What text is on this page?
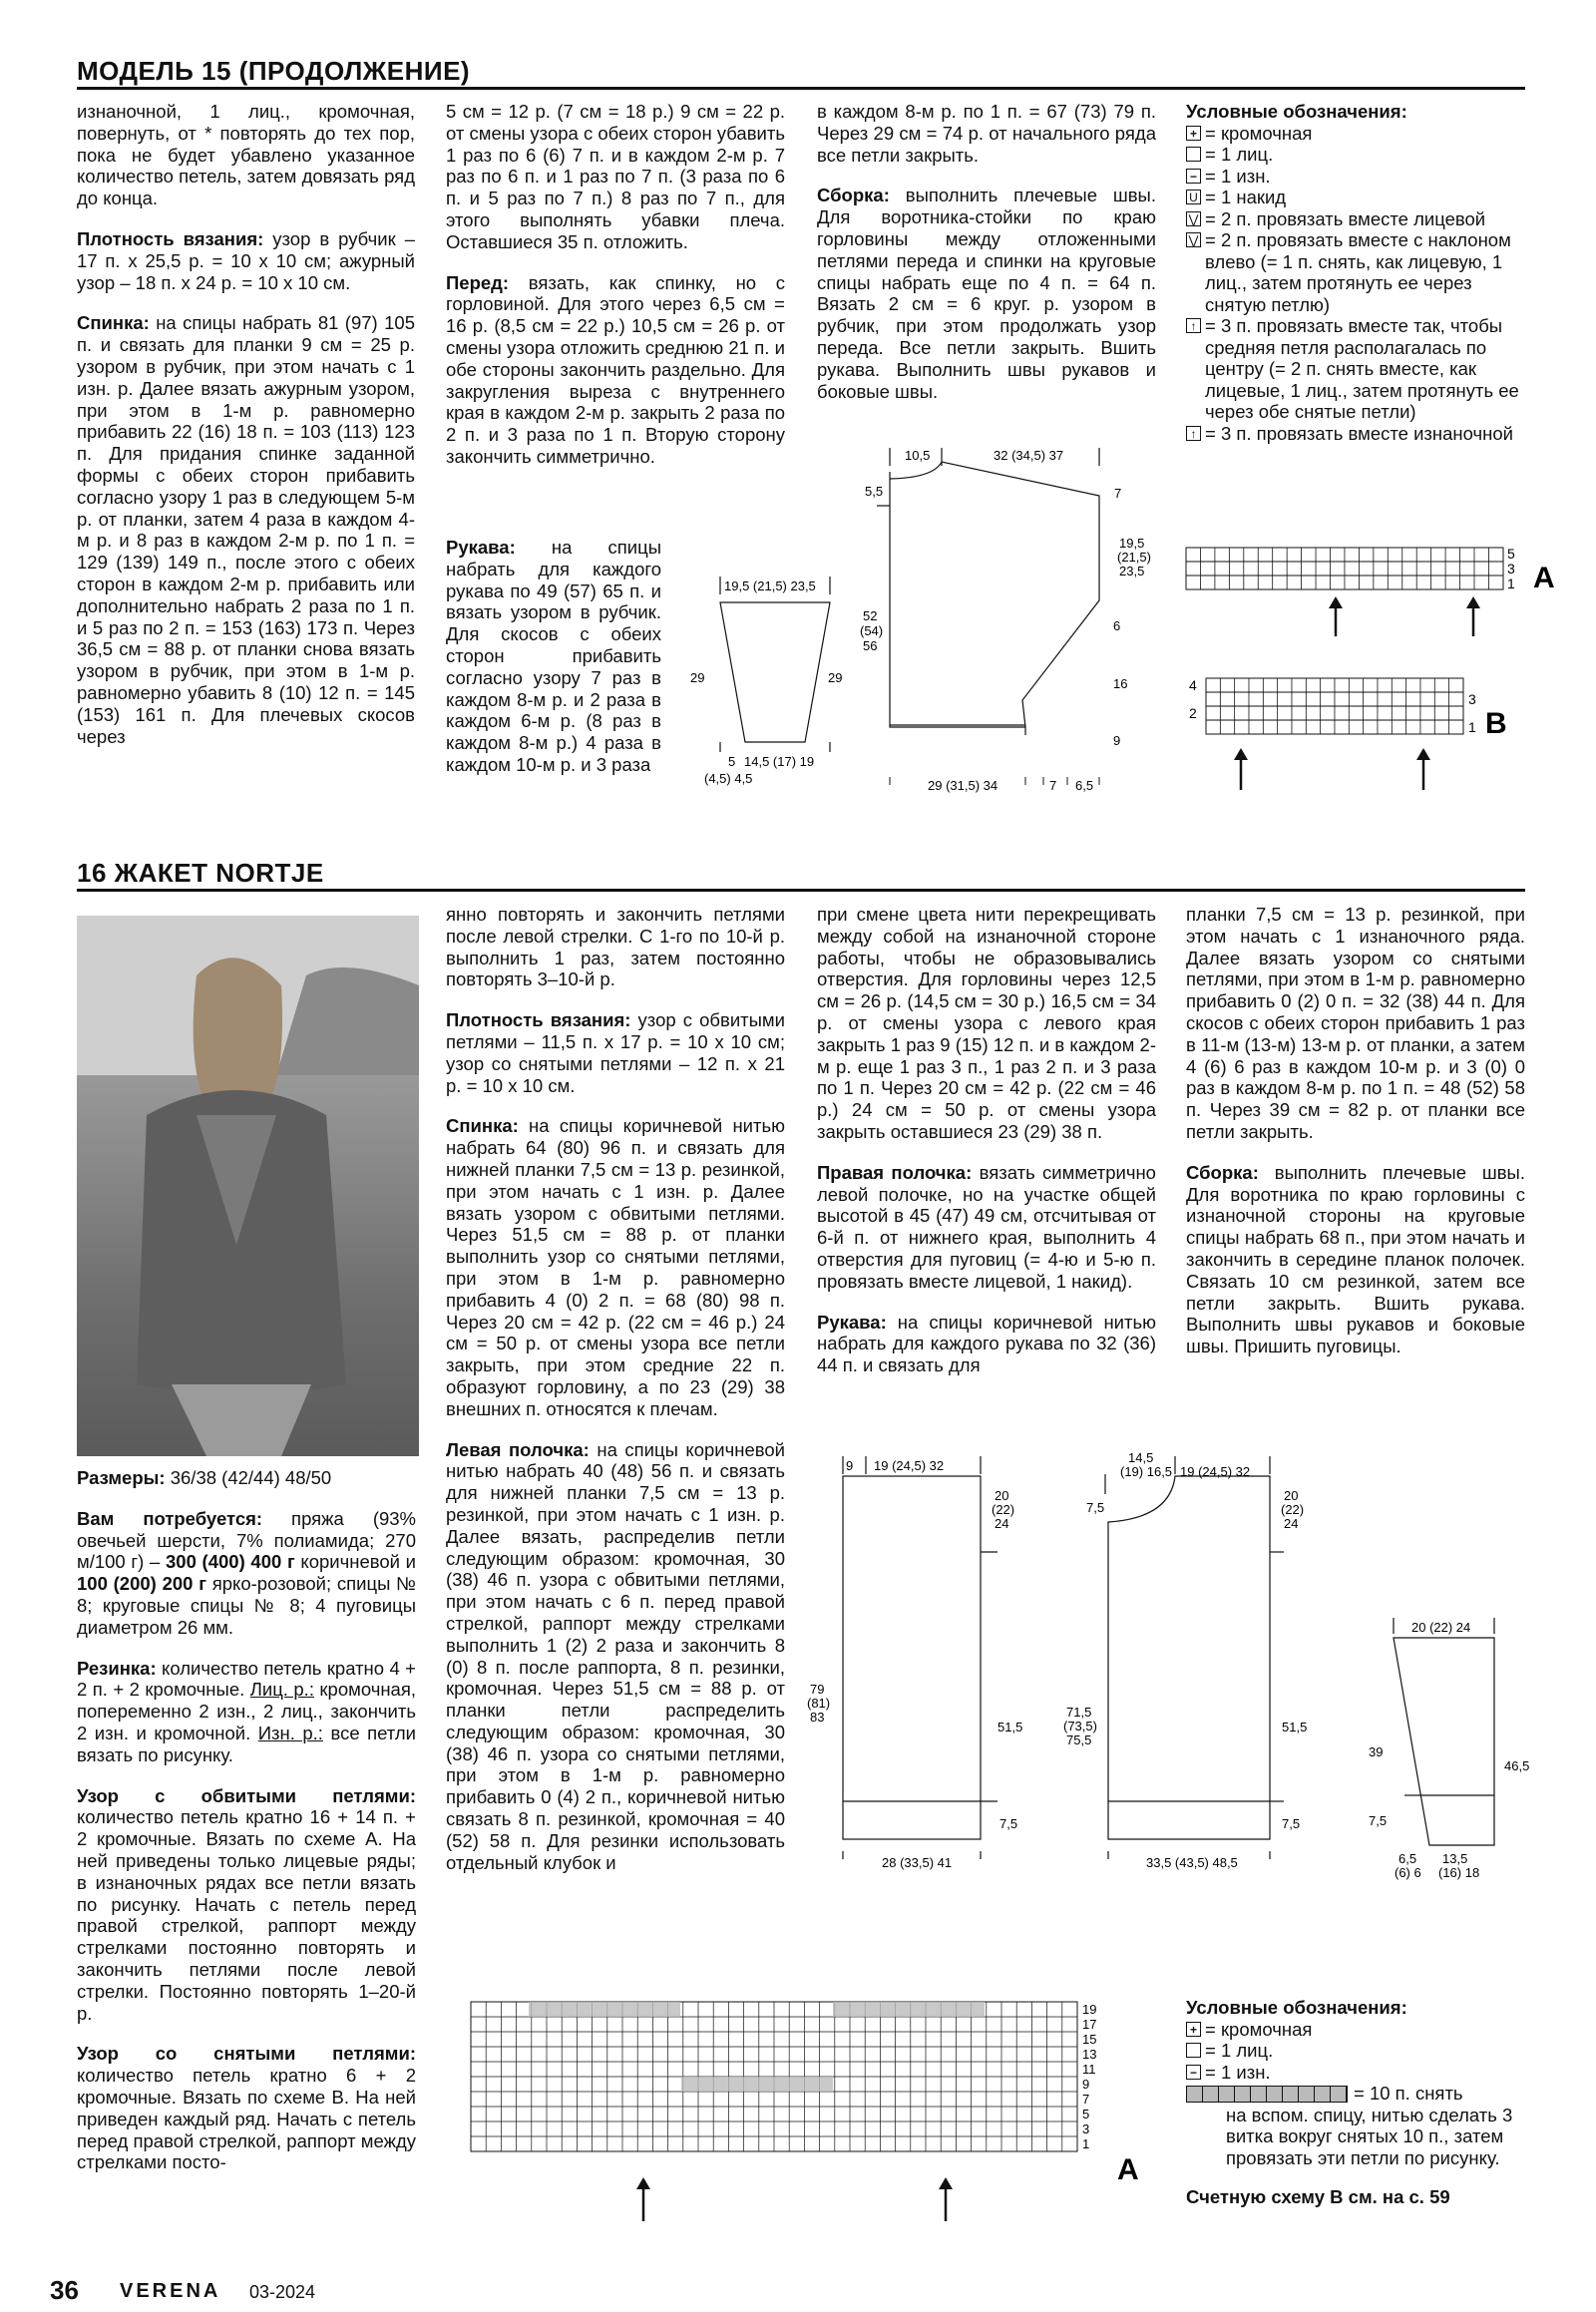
МОДЕЛЬ 15 (ПРОДОЛЖЕНИЕ)

изнаночной, 1 лиц., кромочная, повернуть, от * повторять до тех пор, пока не будет убавлено указанное количество петель, затем довязать ряд до конца.

Плотность вязания: узор в рубчик – 17 п. х 25,5 р. = 10 х 10 см; ажурный узор – 18 п. х 24 р. = 10 х 10 см.

Спинка: на спицы набрать 81 (97) 105 п. и связать для планки 9 см = 25 р. узором в рубчик, при этом начать с 1 изн. р. Далее вязать ажурным узором, при этом в 1-м р. равномерно прибавить 22 (16) 18 п. = 103 (113) 123 п. Для придания спинке заданной формы с обеих сторон прибавить согласно узору 1 раз в следующем 5-м р. от планки, затем 4 раза в каждом 4-м р. и 8 раз в каждом 2-м р. по 1 п. = 129 (139) 149 п., после этого с обеих сторон в каждом 2-м р. прибавить или дополнительно набрать 2 раза по 1 п. и 5 раз по 2 п. = 153 (163) 173 п. Через 36,5 см = 88 р. от планки снова вязать узором в рубчик, при этом в 1-м р. равномерно убавить 8 (10) 12 п. = 145 (153) 161 п. Для плечевых скосов через

5 см = 12 р. (7 см = 18 р.) 9 см = 22 р. от смены узора с обеих сторон убавить 1 раз по 6 (6) 7 п. и в каждом 2-м р. 7 раз по 6 п. и 1 раз по 7 п. (3 раза по 6 п. и 5 раз по 7 п.) 8 раз по 7 п., для этого выполнять убавки плеча. Оставшиеся 35 п. отложить.

Перед: вязать, как спинку, но с горловиной. Для этого через 6,5 см = 16 р. (8,5 см = 22 р.) 10,5 см = 26 р. от смены узора отложить среднюю 21 п. и обе стороны закончить раздельно. Для закругления выреза с внутреннего края в каждом 2-м р. закрыть 2 раза по 2 п. и 3 раза по 1 п. Вторую сторону закончить симметрично.

Рукава: на спицы набрать для каждого рукава по 49 (57) 65 п. и вязать узором в рубчик. Для скосов с обеих сторон прибавить согласно узору 7 раз в каждом 8-м р. и 2 раза в каждом 6-м р. (8 раз в каждом 8-м р.) 4 раза в каждом 10-м р. и 3 раза

в каждом 8-м р. по 1 п. = 67 (73) 79 п. Через 29 см = 74 р. от начального ряда все петли закрыть.

Сборка: выполнить плечевые швы. Для воротника-стойки по краю горловины между отложенными петлями переда и спинки на круговые спицы набрать еще по 4 п. = 64 п. Вязать 2 см = 6 круг. р. узором в рубчик, при этом продолжать узор переда. Все петли закрыть. Вшить рукава. Выполнить швы рукавов и боковые швы.

Условные обозначения:
+
= кромочная
= 1 лиц.
−
= 1 изн.
U = 1 накид
⋁ = 2 п. провязать вместе лицевой
⋁ = 2 п. провязать вместе с наклоном влево (= 1 п. снять, как лицевую, 1 лиц., затем протянуть ее через снятую петлю)
↑ = 3 п. провязать вместе так, чтобы средняя петля располагалась по центру (= 2 п. снять вместе, как лицевые, 1 лиц., затем протянуть ее через обе снятые петли)
↑ = 3 п. провязать вместе изнаночной
5
3
1 A
4
2
3
1 B
19,5 (21,5) 23,5
29	29
5 14,5 (17) 19
(4,5) 4,5
10,5	32 (34,5) 37
5,5	7
19,5
(21,5)
23,5
6
16
9
52
(54)
56
29 (31,5) 34	7 6,5
16 ЖАКЕТ NORTJE

Размеры: 36/38 (42/44) 48/50

Вам потребуется: пряжа (93% овечьей шерсти, 7% полиамида; 270 м/100 г) – 300 (400) 400 г коричневой и 100 (200) 200 г ярко-розовой; спицы № 8; круговые спицы № 8; 4 пуговицы диаметром 26 мм.

Резинка: количество петель кратно 4 + 2 п. + 2 кромочные. Лиц. р.: кромочная, попеременно 2 изн., 2 лиц., закончить 2 изн. и кромочной. Изн. р.: все петли вязать по рисунку.

Узор с обвитыми петлями: количество петель кратно 16 + 14 п. + 2 кромочные. Вязать по схеме А. На ней приведены только лицевые ряды; в изнаночных рядах все петли вязать по рисунку. Начать с петель перед правой стрелкой, раппорт между стрелками постоянно повторять и закончить петлями после левой стрелки. Постоянно повторять 1–20-й р.

Узор со снятыми петлями: количество петель кратно 6 + 2 кромочные. Вязать по схеме В. На ней приведен каждый ряд. Начать с петель перед правой стрелкой, раппорт между стрелками посто-

янно повторять и закончить петлями после левой стрелки. С 1-го по 10-й р. выполнить 1 раз, затем постоянно повторять 3–10-й р.

Плотность вязания: узор с обвитыми петлями – 11,5 п. х 17 р. = 10 х 10 см; узор со снятыми петлями – 12 п. х 21 р. = 10 х 10 см.

Спинка: на спицы коричневой нитью набрать 64 (80) 96 п. и связать для нижней планки 7,5 см = 13 р. резинкой, при этом начать с 1 изн. р. Далее вязать узором с обвитыми петлями. Через 51,5 см = 88 р. от планки выполнить узор со снятыми петлями, при этом в 1-м р. равномерно прибавить 4 (0) 2 п. = 68 (80) 98 п. Через 20 см = 42 р. (22 см = 46 р.) 24 см = 50 р. от смены узора все петли закрыть, при этом средние 22 п. образуют горловину, а по 23 (29) 38 внешних п. относятся к плечам.

Левая полочка: на спицы коричневой нитью набрать 40 (48) 56 п. и связать для нижней планки 7,5 см = 13 р. резинкой, при этом начать с 1 изн. р. Далее вязать, распределив петли следующим образом: кромочная, 30 (38) 46 п. узора с обвитыми петлями, при этом начать с 6 п. перед правой стрелкой, раппорт между стрелками выполнить 1 (2) 2 раза и закончить 8 (0) 8 п. после раппорта, 8 п. резинки, кромочная. Через 51,5 см = 88 р. от планки петли распределить следующим образом: кромочная, 30 (38) 46 п. узора со снятыми петлями, при этом в 1-м р. равномерно прибавить 0 (4) 2 п., коричневой нитью связать 8 п. резинкой, кромочная = 40 (52) 58 п. Для резинки использовать отдельный клубок и

при смене цвета нити перекрещивать между собой на изнаночной стороне работы, чтобы не образовывались отверстия. Для горловины через 12,5 см = 26 р. (14,5 см = 30 р.) 16,5 см = 34 р. от смены узора с левого края закрыть 1 раз 9 (15) 12 п. и в каждом 2-м р. еще 1 раз 3 п., 1 раз 2 п. и 3 раза по 1 п. Через 20 см = 42 р. (22 см = 46 р.) 24 см = 50 р. от смены узора закрыть оставшиеся 23 (29) 38 п.

Правая полочка: вязать симметрично левой полочке, но на участке общей высотой в 45 (47) 49 см, отсчитывая от 6-й п. от нижнего края, выполнить 4 отверстия для пуговиц (= 4-ю и 5-ю п. провязать вместе лицевой, 1 накид).

Рукава: на спицы коричневой нитью набрать для каждого рукава по 32 (36) 44 п. и связать для

планки 7,5 см = 13 р. резинкой, при этом начать с 1 изнаночного ряда. Далее вязать узором со снятыми петлями, при этом в 1-м р. равномерно прибавить 0 (2) 0 п. = 32 (38) 44 п. Для скосов с обеих сторон прибавить 1 раз в 11-м (13-м) 13-м р. от планки, а затем 4 (6) 6 раз в каждом 10-м р. и 3 (0) 0 раз в каждом 8-м р. по 1 п. = 48 (52) 58 п. Через 39 см = 82 р. от планки все петли закрыть.

Сборка: выполнить плечевые швы. Для воротника по краю горловины с изнаночной стороны на круговые спицы набрать 68 п., при этом начать и закончить в середине планок полочек. Связать 10 см резинкой, затем все петли закрыть. Вшить рукава. Выполнить швы рукавов и боковые швы. Пришить пуговицы.

9 19 (24,5) 32
20
(22)
24
79
(81)
83
51,5
7,5
28 (33,5) 41
14,5
(19) 16,5 19 (24,5) 32
7,5
20
(22)
24
71,5
(73,5)
75,5
51,5
7,5
33,5 (43,5) 48,5
20 (22) 24
39
46,5
7,5
6,5
(6) 6
13,5
(16) 18
19
17
15
13
11
9
7
5
3
1
A
Условные обозначения:
+
= кромочная
= 1 лиц.
−
= 1 изн.
= 10 п. снять
на вспом. спицу, нитью сделать 3 витка вокруг снятых 10 п., затем провязать эти петли по рисунку.
Счетную схему В см. на с. 59
36 VERENA 03-2024
